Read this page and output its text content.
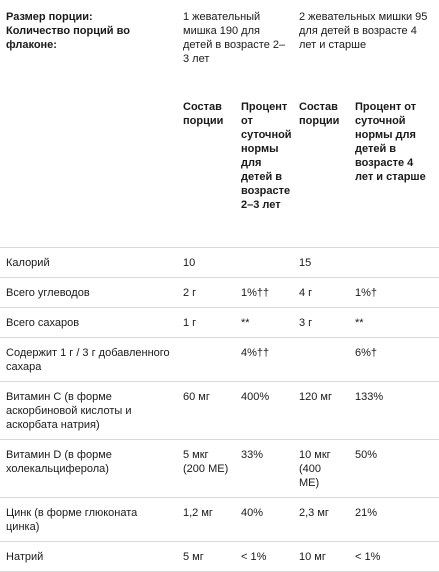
Размер порции:
Количество порций во флаконе:	1 жевательный мишка 190 для детей в возрасте 2–3 лет		2 жевательных мишки 95 для детей в возрасте 4 лет и старше	
	Состав порции	Процент от суточной нормы для детей в возрасте 2–3 лет	Состав порции	Процент от суточной нормы для детей в возрасте 4 лет и старше
Калорий	10		15	
Всего углеводов	2 г	1%††	4 г	1%†
Всего сахаров	1 г	**	3 г	**
Содержит 1 г / 3 г добавленного сахара		4%††		6%†
Витамин C (в форме аскорбиновой кислоты и аскорбата натрия)	60 мг	400%	120 мг	133%
Витамин D (в форме холекальциферола)	5 мкг (200 МЕ)	33%	10 мкг (400 МЕ)	50%
Цинк (в форме глюконата цинка)	1,2 мг	40%	2,3 мг	21%
Натрий	5 мг	< 1%	10 мг	< 1%
